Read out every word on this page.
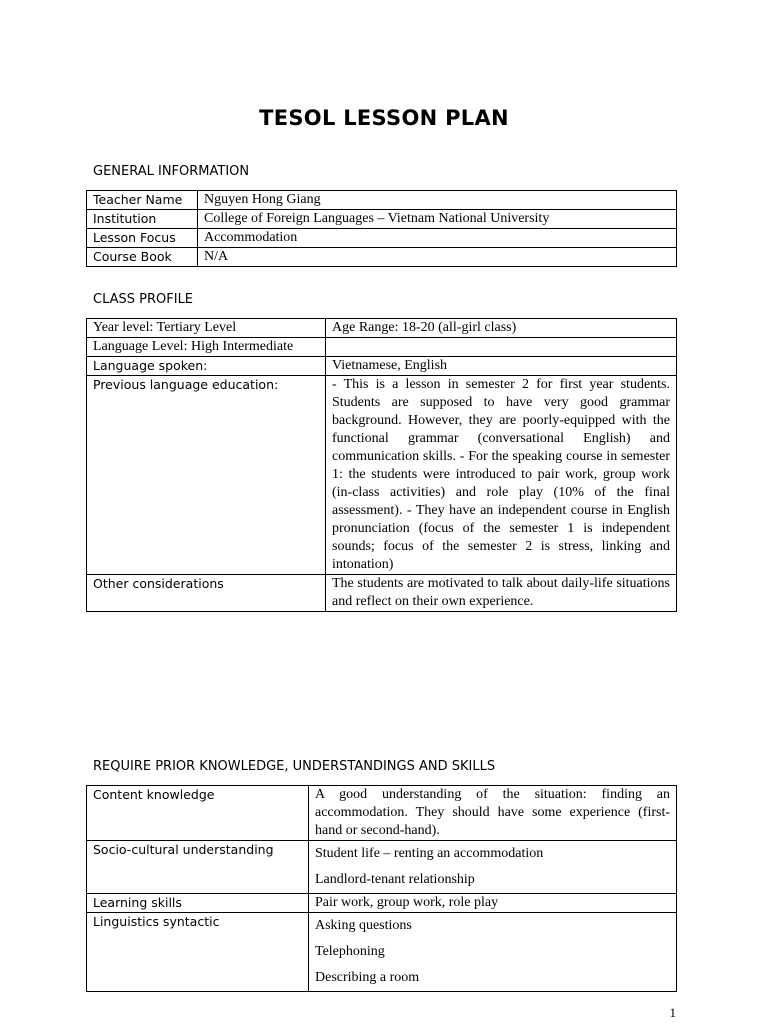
TESOL LESSON PLAN
GENERAL INFORMATION
Teacher Name	Nguyen Hong Giang
Institution	College of Foreign Languages – Vietnam National University
Lesson Focus	Accommodation
Course Book	N/A
CLASS PROFILE
Year level: Tertiary Level	Age Range: 18-20 (all-girl class)
Language Level: High Intermediate	
Language spoken:	Vietnamese, English
Previous language education:	- This is a lesson in semester 2 for first year students. Students are supposed to have very good grammar background. However, they are poorly-equipped with the functional grammar (conversational English) and communication skills. - For the speaking course in semester 1: the students were introduced to pair work, group work (in-class activities) and role play (10% of the final assessment). - They have an independent course in English pronunciation (focus of the semester 1 is independent sounds; focus of the semester 2 is stress, linking and intonation)
Other considerations	The students are motivated to talk about daily-life situations and reflect on their own experience.
REQUIRE PRIOR KNOWLEDGE, UNDERSTANDINGS AND SKILLS
Content knowledge	A good understanding of the situation: finding an accommodation. They should have some experience (first- hand or second-hand).
Socio-cultural understanding	Student life – renting an accommodation
Landlord-tenant relationship

Learning skills	Pair work, group work, role play
Linguistics syntactic	Asking questions
Telephoning
Describing a room
1
